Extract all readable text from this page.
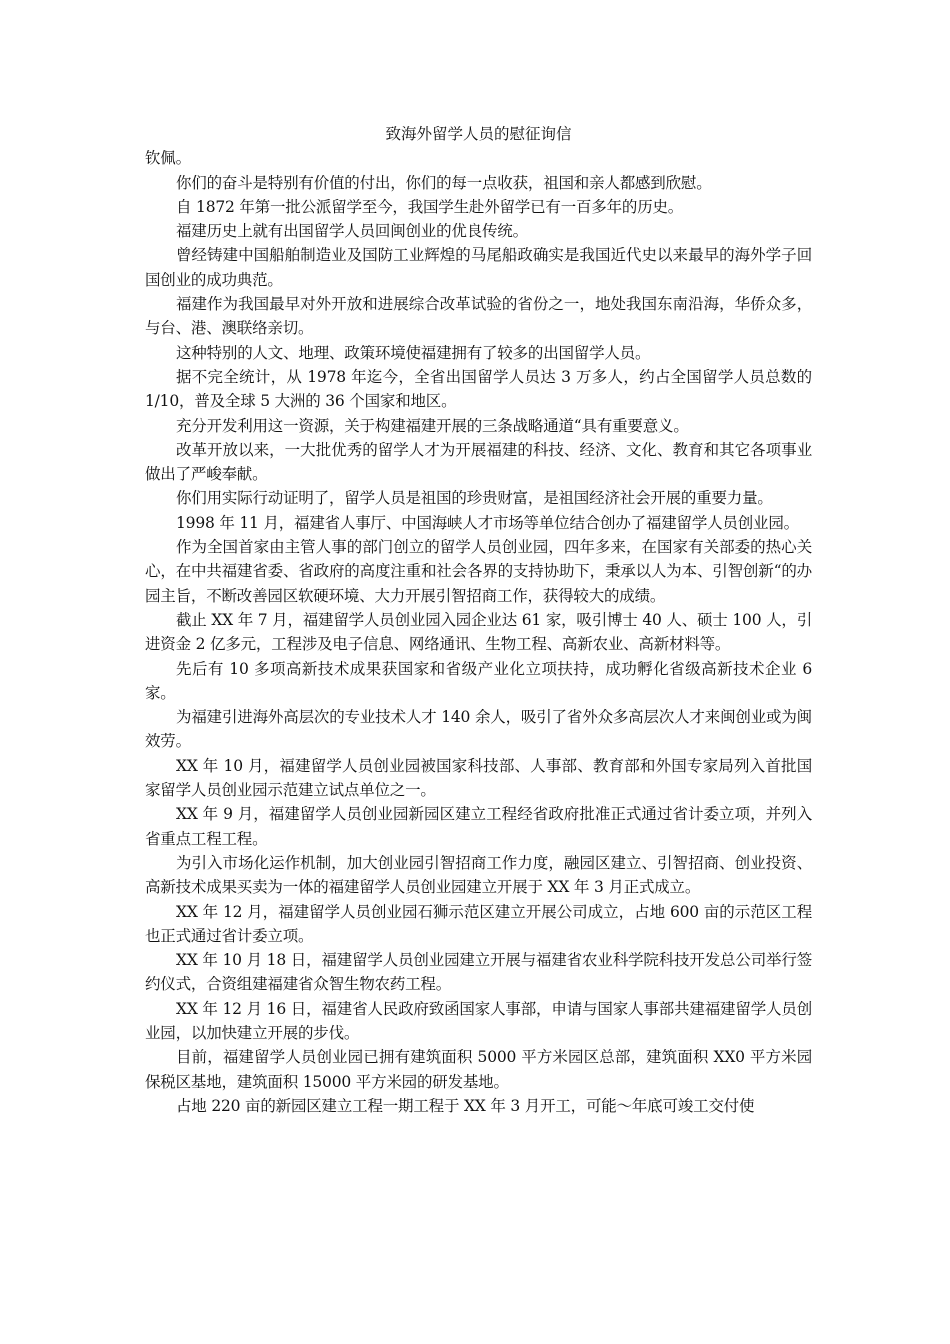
致海外留学人员的慰征询信

钦佩。

你们的奋斗是特别有价值的付出，你们的每一点收获，祖国和亲人都感到欣慰。

自 1872 年第一批公派留学至今，我国学生赴外留学已有一百多年的历史。

福建历史上就有出国留学人员回闽创业的优良传统。

曾经铸建中国船舶制造业及国防工业辉煌的马尾船政确实是我国近代史以来最早的海外学子回国创业的成功典范。

福建作为我国最早对外开放和进展综合改革试验的省份之一，地处我国东南沿海，华侨众多，与台、港、澳联络亲切。

这种特别的人文、地理、政策环境使福建拥有了较多的出国留学人员。

据不完全统计，从 1978 年迄今，全省出国留学人员达 3 万多人，约占全国留学人员总数的 1/10，普及全球 5 大洲的 36 个国家和地区。

充分开发利用这一资源，关于构建福建开展的三条战略通道“具有重要意义。

改革开放以来，一大批优秀的留学人才为开展福建的科技、经济、文化、教育和其它各项事业做出了严峻奉献。

你们用实际行动证明了，留学人员是祖国的珍贵财富，是祖国经济社会开展的重要力量。

1998 年 11 月，福建省人事厅、中国海峡人才市场等单位结合创办了福建留学人员创业园。

作为全国首家由主管人事的部门创立的留学人员创业园，四年多来，在国家有关部委的热心关心，在中共福建省委、省政府的高度注重和社会各界的支持协助下，秉承以人为本、引智创新“的办园主旨，不断改善园区软硬环境、大力开展引智招商工作，获得较大的成绩。

截止 XX 年 7 月，福建留学人员创业园入园企业达 61 家，吸引博士 40 人、硕士 100 人，引进资金 2 亿多元，工程涉及电子信息、网络通讯、生物工程、高新农业、高新材料等。

先后有 10 多项高新技术成果获国家和省级产业化立项扶持，成功孵化省级高新技术企业 6 家。

为福建引进海外高层次的专业技术人才 140 余人，吸引了省外众多高层次人才来闽创业或为闽效劳。

XX 年 10 月，福建留学人员创业园被国家科技部、人事部、教育部和外国专家局列入首批国家留学人员创业园示范建立试点单位之一。

XX 年 9 月，福建留学人员创业园新园区建立工程经省政府批准正式通过省计委立项，并列入省重点工程工程。

为引入市场化运作机制，加大创业园引智招商工作力度，融园区建立、引智招商、创业投资、高新技术成果买卖为一体的福建留学人员创业园建立开展于 XX 年 3 月正式成立。

XX 年 12 月，福建留学人员创业园石狮示范区建立开展公司成立，占地 600 亩的示范区工程也正式通过省计委立项。

XX 年 10 月 18 日，福建留学人员创业园建立开展与福建省农业科学院科技开发总公司举行签约仪式，合资组建福建省众智生物农药工程。

XX 年 12 月 16 日，福建省人民政府致函国家人事部，申请与国家人事部共建福建留学人员创业园，以加快建立开展的步伐。

目前，福建留学人员创业园已拥有建筑面积 5000 平方米园区总部，建筑面积 XX0 平方米园保税区基地，建筑面积 15000 平方米园的研发基地。

占地 220 亩的新园区建立工程一期工程于 XX 年 3 月开工，可能～年底可竣工交付使
